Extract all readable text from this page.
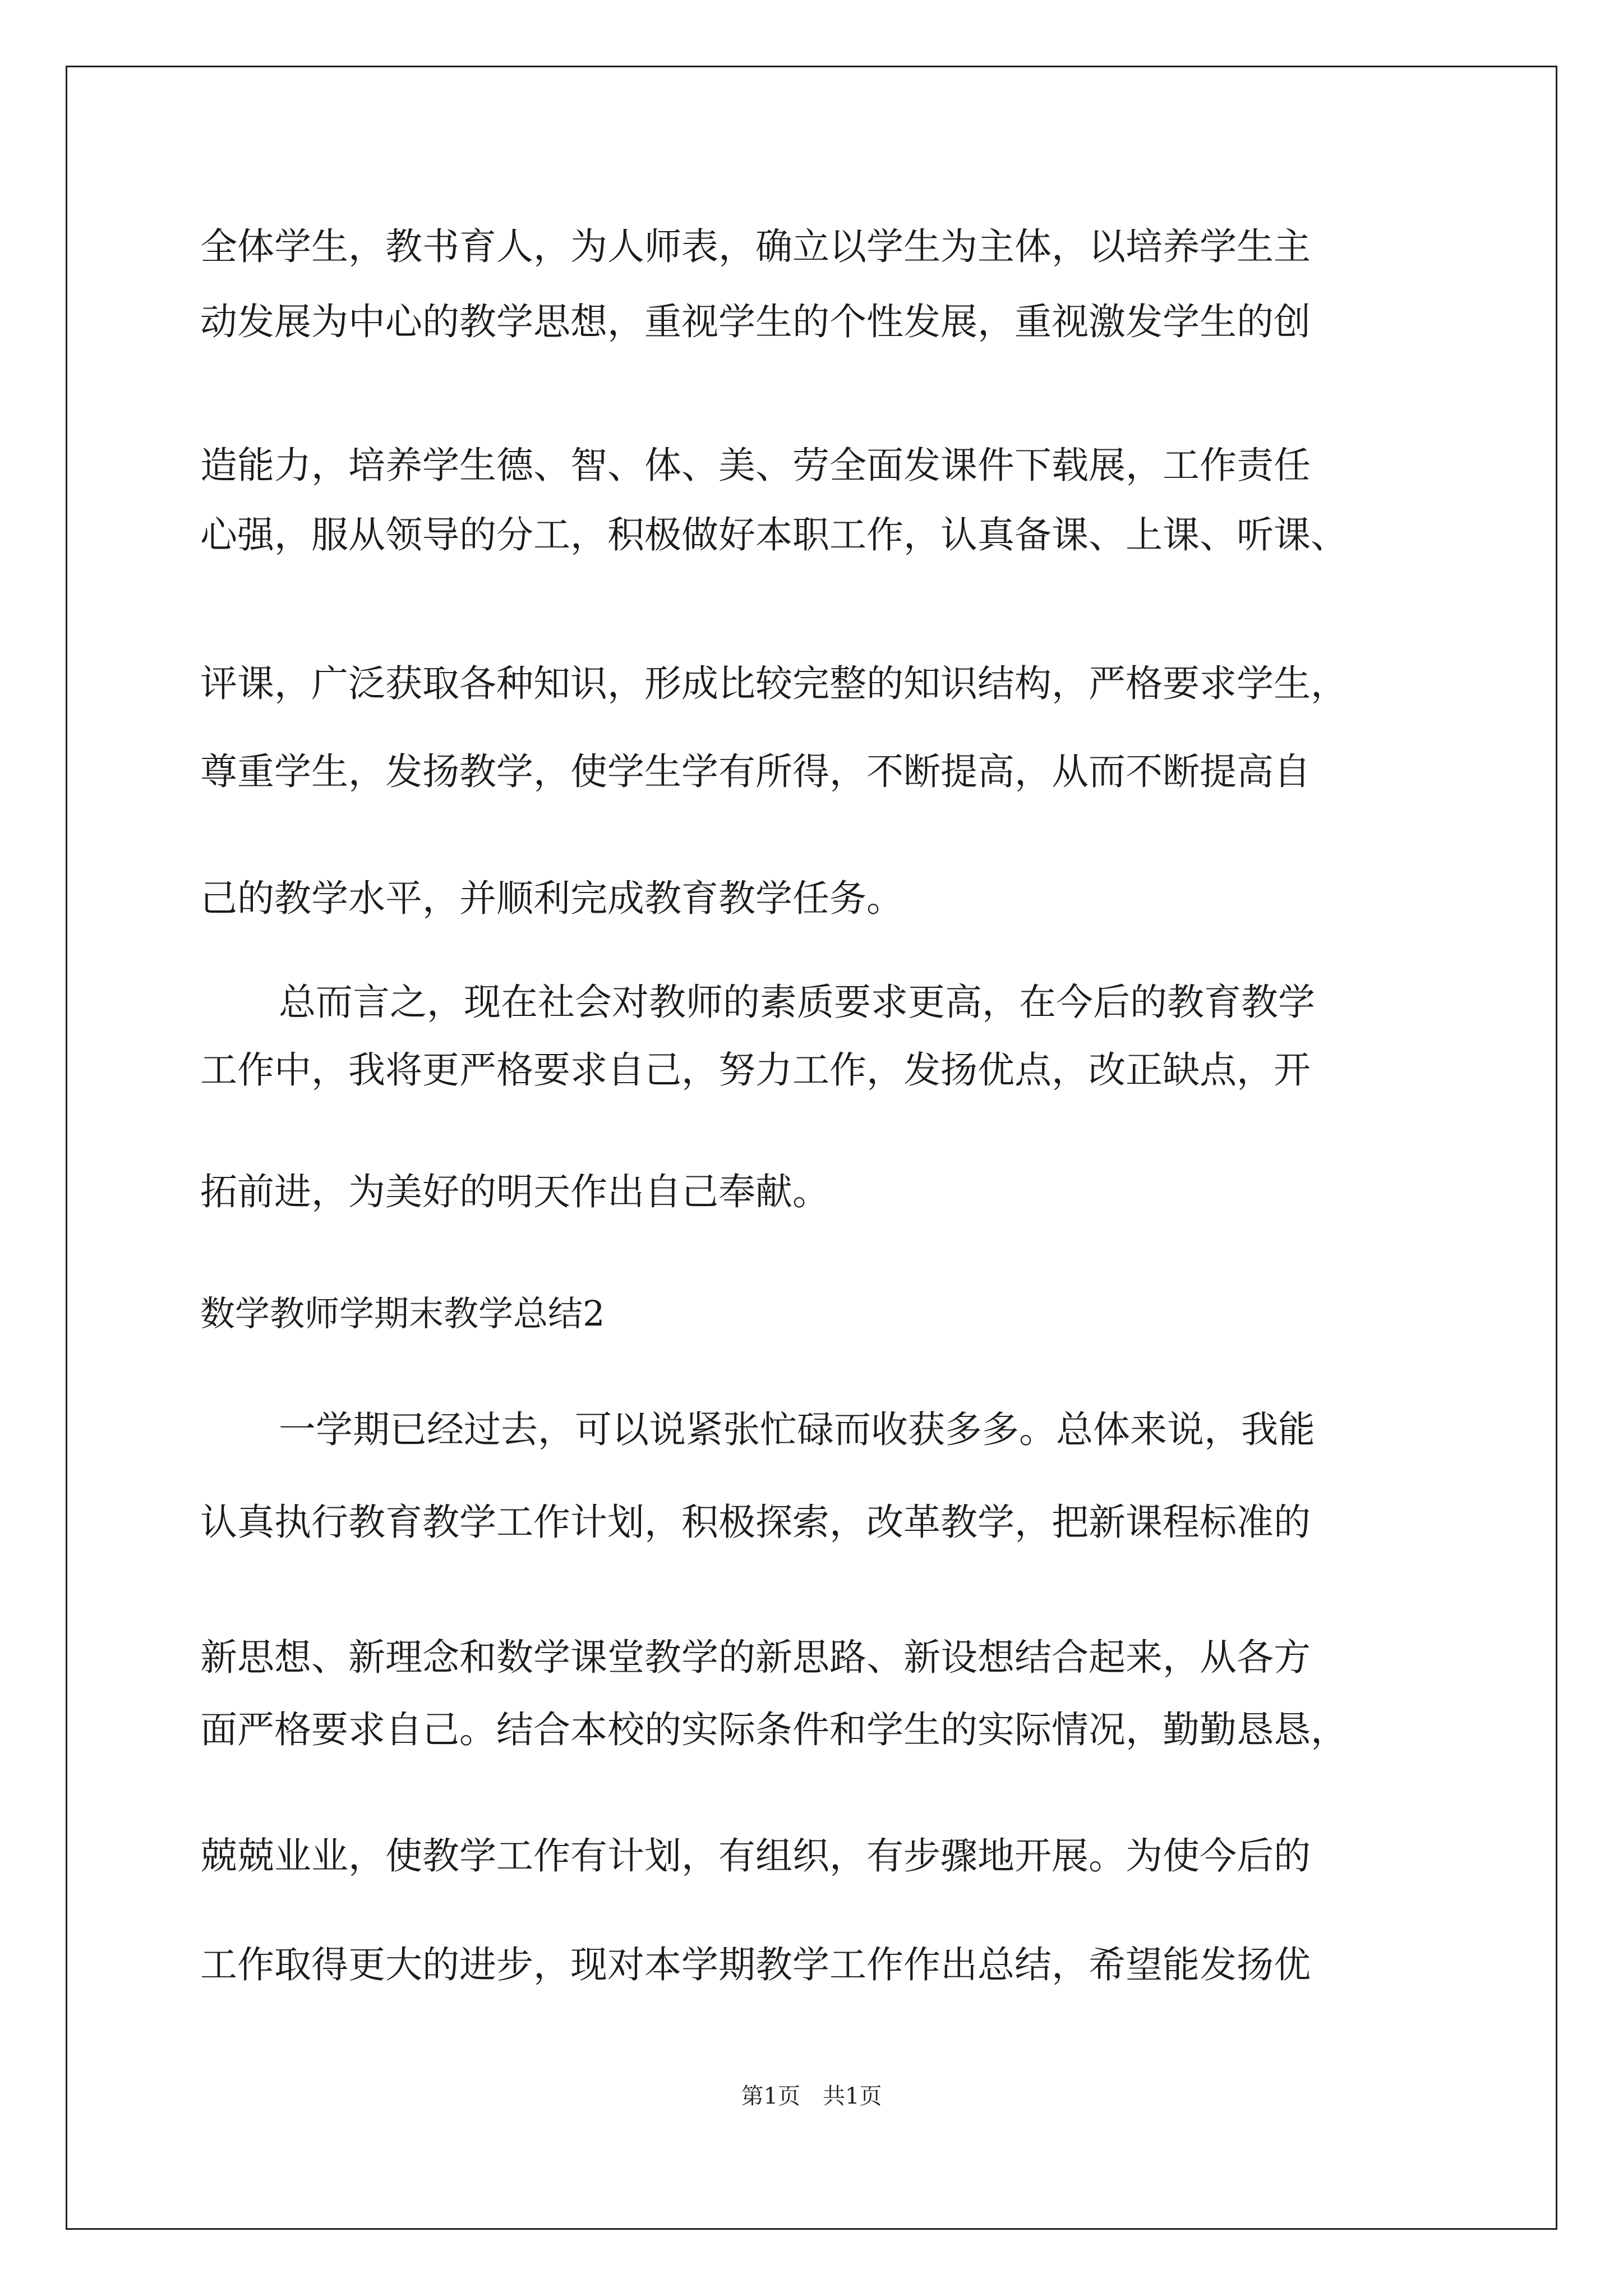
全体学生，教书育人，为人师表，确立以学生为主体，以培养学生主
动发展为中心的教学思想，重视学生的个性发展，重视激发学生的创
造能力，培养学生德、智、体、美、劳全面发课件下载展，工作责任
心强，服从领导的分工，积极做好本职工作，认真备课、上课、听课、
评课，广泛获取各种知识，形成比较完整的知识结构，严格要求学生，
尊重学生，发扬教学，使学生学有所得，不断提高，从而不断提高自
己的教学水平，并顺利完成教育教学任务。
总而言之，现在社会对教师的素质要求更高，在今后的教育教学
工作中，我将更严格要求自己，努力工作，发扬优点，改正缺点，开
拓前进，为美好的明天作出自己奉献。
数学教师学期末教学总结2
一学期已经过去，可以说紧张忙碌而收获多多。总体来说，我能
认真执行教育教学工作计划，积极探索，改革教学，把新课程标准的
新思想、新理念和数学课堂教学的新思路、新设想结合起来，从各方
面严格要求自己。结合本校的实际条件和学生的实际情况，勤勤恳恳，
兢兢业业，使教学工作有计划，有组织，有步骤地开展。为使今后的
工作取得更大的进步，现对本学期教学工作作出总结，希望能发扬优
第1页　共1页
